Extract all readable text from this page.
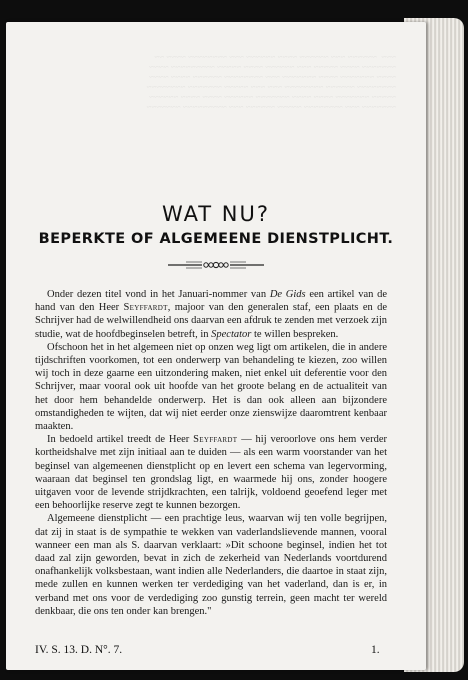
~~~  ~~~~~~ ~~~ ~~~~~~ ~~~~ ~~~~~~ ~~~ ~~~~~~~~ ~~~~ ~~
~~~~~~~ ~~~~ ~~~~~ ~~~ ~~~~~~ ~~~~ ~~~~~ ~~~~~~~~~ ~~~~
~~~~ ~~~~~~~ ~~~~ ~~~~~~~ ~~~ ~~~~~~~~ ~~~~~~ ~~~~ ~~~~
~~~~~~~~ ~~~~~~ ~~~~~~~~ ~~~ ~~~ ~~~~~ ~~~~~~~ ~~~~~~~~
~~~~~ ~~~~~~~ ~~~~ ~~~~ ~~~~~~~ ~~~~~~ ~~~~ ~~~~ ~~~~~~
~~~~~~~ ~~~ ~~~~~~~~ ~~~~~ ~~~~~~ ~~~ ~~~~~~~~~ ~~~~~~~
WAT NU?
BEPERKTE OF ALGEMEENE DIENSTPLICHT.

Onder dezen titel vond in het Januari-nommer van De Gids een artikel van de hand van den Heer Seyffardt, majoor van den generalen staf, een plaats en de Schrijver had de welwillendheid ons daarvan een afdruk te zenden met verzoek zijn studie, wat de hoofdbeginselen betreft, in Spectator te willen bespreken.

Ofschoon het in het algemeen niet op onzen weg ligt om artikelen, die in andere tijdschriften voorkomen, tot een onderwerp van behandeling te kiezen, zoo willen wij toch in deze gaarne een uitzondering maken, niet enkel uit deferentie voor den Schrijver, maar vooral ook uit hoofde van het groote belang en de actualiteit van het door hem behandelde onderwerp. Het is dan ook alleen aan bijzondere omstandigheden te wijten, dat wij niet eerder onze zienswijze daaromtrent kenbaar maakten.

In bedoeld artikel treedt de Heer Seyffardt — hij veroorlove ons hem verder kortheidshalve met zijn initiaal aan te duiden — als een warm voorstander van het beginsel van algemeenen dienstplicht op en levert een schema van legervorming, waaraan dat beginsel ten grondslag ligt, en waarmede hij ons, zonder hoogere uitgaven voor de levende strijdkrachten, een talrijk, voldoend geoefend leger met een behoorlijke reserve zegt te kunnen bezorgen.

Algemeene dienstplicht — een prachtige leus, waarvan wij ten volle begrijpen, dat zij in staat is de sympathie te wekken van vaderlandslievende mannen, vooral wanneer een man als S. daarvan verklaart: »Dit schoone beginsel, indien het tot daad zal zijn geworden, bevat in zich de zekerheid van Nederlands voortdurend onafhankelijk volksbestaan, want indien alle Nederlanders, die daartoe in staat zijn, mede zullen en kunnen werken ter verdediging van het vaderland, dan is er, in verband met ons voor de verdediging zoo gunstig terrein, geen macht ter wereld denkbaar, die ons ten onder kan brengen."

IV. S. 13. D. N°. 7.	1.
